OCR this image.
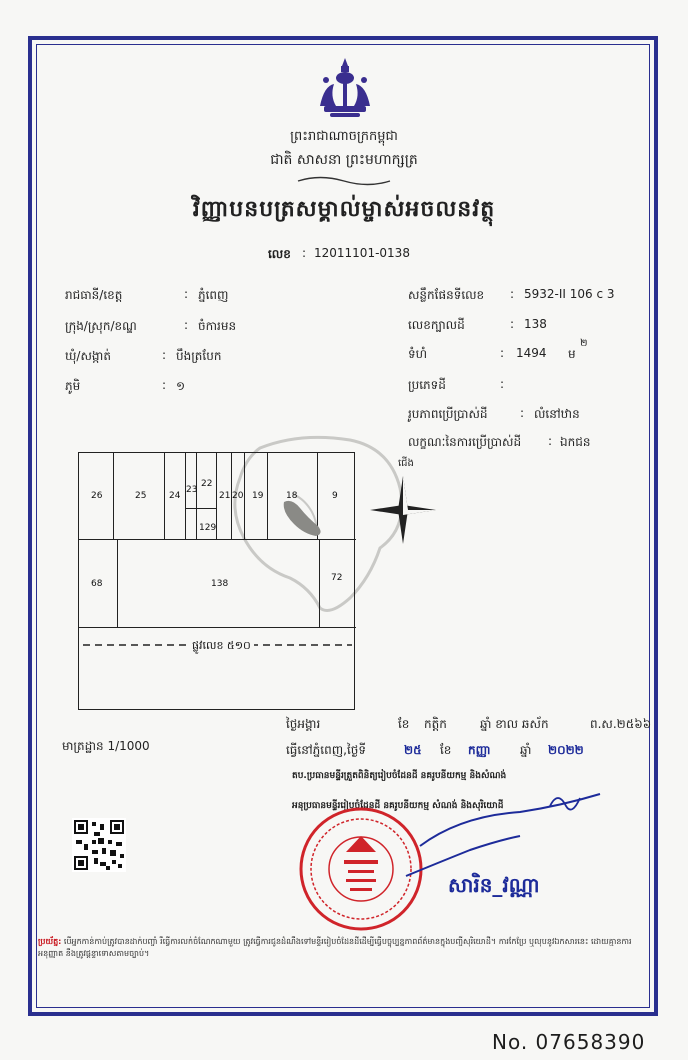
ព្រះរាជាណាចក្រកម្ពុជា
ជាតិ សាសនា ព្រះមហាក្សត្រ
វិញ្ញាបនបត្រសម្គាល់ម្ចាស់អចលនវត្ថុ
លេខ : 12011101-0138
រាជធានី/ខេត្ត	: ភ្នំពេញ
ក្រុង/ស្រុក/ខណ្ឌ	: ចំការមន
ឃុំ/សង្កាត់	: បឹងត្របែក
ភូមិ	: ១
សន្លឹកផែនទីលេខ : 5932-II 106 c 3
លេខក្បាលដី	: 138
ទំហំ	: 1494 ម
២
ប្រភេទដី	:
រូបភាពប្រើប្រាស់ដី	: លំនៅឋាន
លក្ខណៈនៃការប្រើប្រាស់ដី : ឯកជន
26	25	24
23
22
21 20 19	18	9
129
68	138
72
ផ្លូវលេខ ៥១០
ជើង
មាត្រដ្ឋាន 1/1000
ថ្ងៃអង្គារ	ខែ កត្ដិក	ឆ្នាំ ខាល ឆស័ក	ព.ស.២៥៦៦
ធ្វើនៅភ្នំពេញ,ថ្ងៃទី	២៥ ខែ កញ្ញា ឆ្នាំ ២០២២
តប.ប្រធានមន្ទីរត្រួតពិនិត្យរៀបចំដែនដី នគរូបនីយកម្ម និងសំណង់
អនុប្រធានមន្ទីររៀបចំដែនដី នគរូបនីយកម្ម សំណង់ និងសុរិយោដី
សារិន_វណ្ណា
ប្រយ័ត្ន: បើអ្នកកាន់កាប់ត្រូវបានដាក់បញ្ចាំ រឺធ្វើការលក់ចំណែកណាមួយ ត្រូវធ្វើការជូនដំណឹងទៅមន្ទីររៀបចំដែនដីដើម្បីធ្វើបច្ចុប្បន្នភាពព័ត៌មានក្នុងបញ្ជីសុរិយោដី។ ការកែប្រែ ឬលុបនូវឯកសារនេះ ដោយគ្មានការអនុញ្ញាត នឹងត្រូវផ្តន្ទាទោសតាមច្បាប់។
No. 07658390
